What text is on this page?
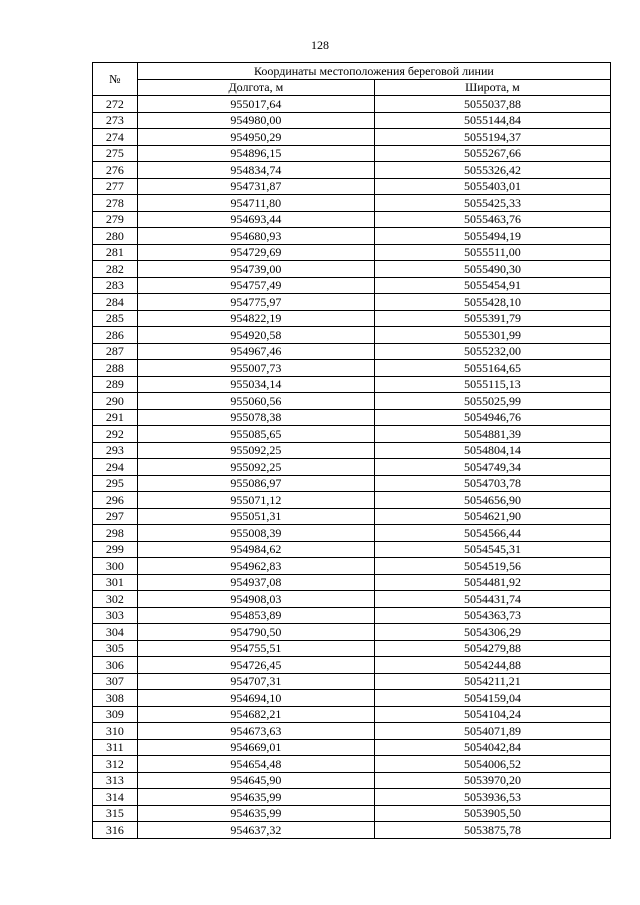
128
№	Координаты местоположения береговой линии	
	Долгота, м	Широта, м
272	955017,64	5055037,88
273	954980,00	5055144,84
274	954950,29	5055194,37
275	954896,15	5055267,66
276	954834,74	5055326,42
277	954731,87	5055403,01
278	954711,80	5055425,33
279	954693,44	5055463,76
280	954680,93	5055494,19
281	954729,69	5055511,00
282	954739,00	5055490,30
283	954757,49	5055454,91
284	954775,97	5055428,10
285	954822,19	5055391,79
286	954920,58	5055301,99
287	954967,46	5055232,00
288	955007,73	5055164,65
289	955034,14	5055115,13
290	955060,56	5055025,99
291	955078,38	5054946,76
292	955085,65	5054881,39
293	955092,25	5054804,14
294	955092,25	5054749,34
295	955086,97	5054703,78
296	955071,12	5054656,90
297	955051,31	5054621,90
298	955008,39	5054566,44
299	954984,62	5054545,31
300	954962,83	5054519,56
301	954937,08	5054481,92
302	954908,03	5054431,74
303	954853,89	5054363,73
304	954790,50	5054306,29
305	954755,51	5054279,88
306	954726,45	5054244,88
307	954707,31	5054211,21
308	954694,10	5054159,04
309	954682,21	5054104,24
310	954673,63	5054071,89
311	954669,01	5054042,84
312	954654,48	5054006,52
313	954645,90	5053970,20
314	954635,99	5053936,53
315	954635,99	5053905,50
316	954637,32	5053875,78
